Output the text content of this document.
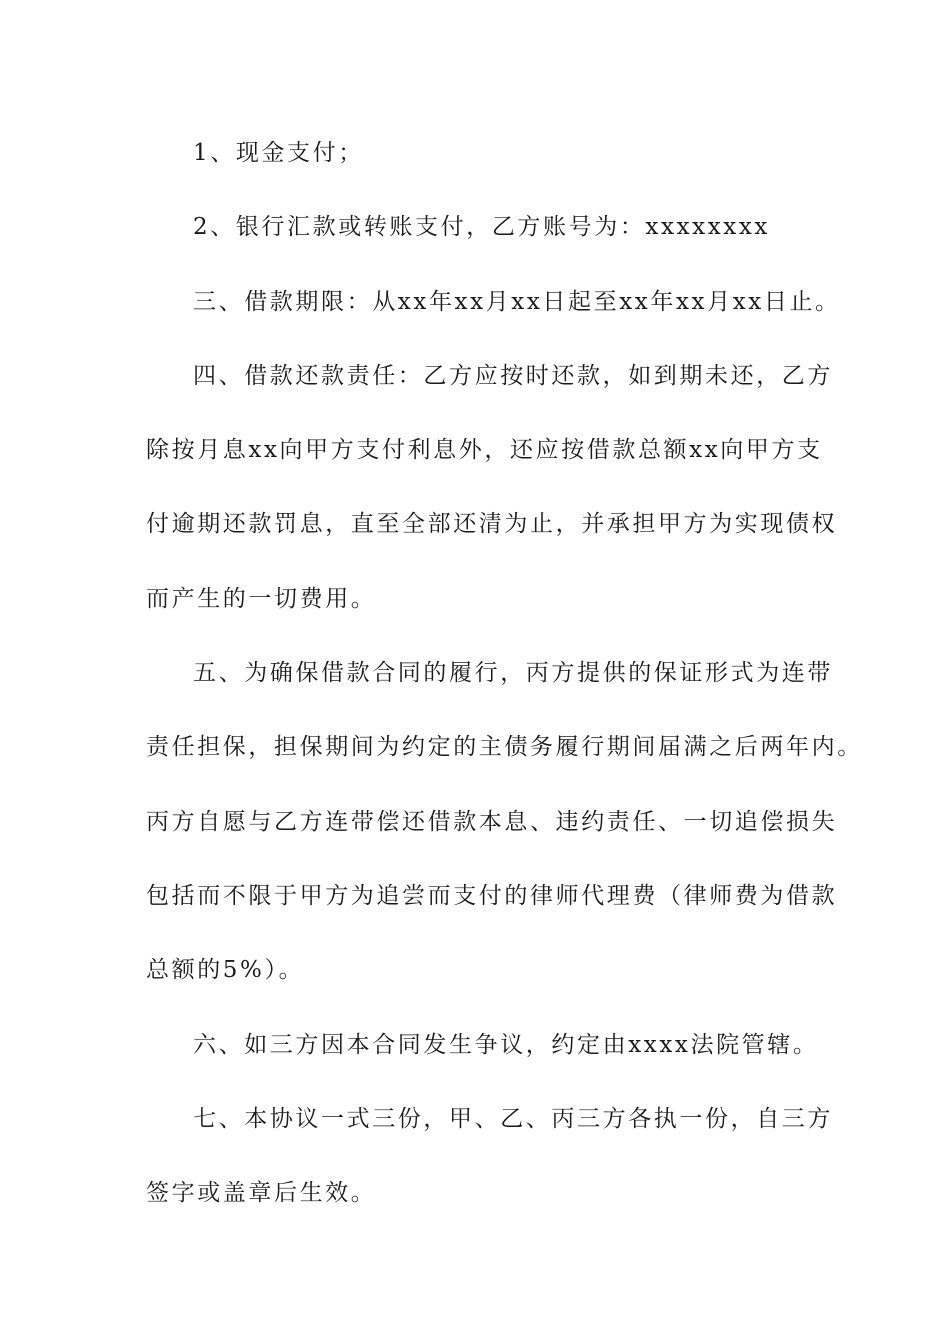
1、现金支付；
2、银行汇款或转账支付，乙方账号为：xxxxxxxx
三、借款期限：从xx年xx月xx日起至xx年xx月xx日止。
四、借款还款责任：乙方应按时还款，如到期未还，乙方
除按月息xx向甲方支付利息外，还应按借款总额xx向甲方支
付逾期还款罚息，直至全部还清为止，并承担甲方为实现债权
而产生的一切费用。
五、为确保借款合同的履行，丙方提供的保证形式为连带
责任担保，担保期间为约定的主债务履行期间届满之后两年内。
丙方自愿与乙方连带偿还借款本息、违约责任、一切追偿损失
包括而不限于甲方为追尝而支付的律师代理费（律师费为借款
总额的5%）。
六、如三方因本合同发生争议，约定由xxxx法院管辖。
七、本协议一式三份，甲、乙、丙三方各执一份，自三方
签字或盖章后生效。
